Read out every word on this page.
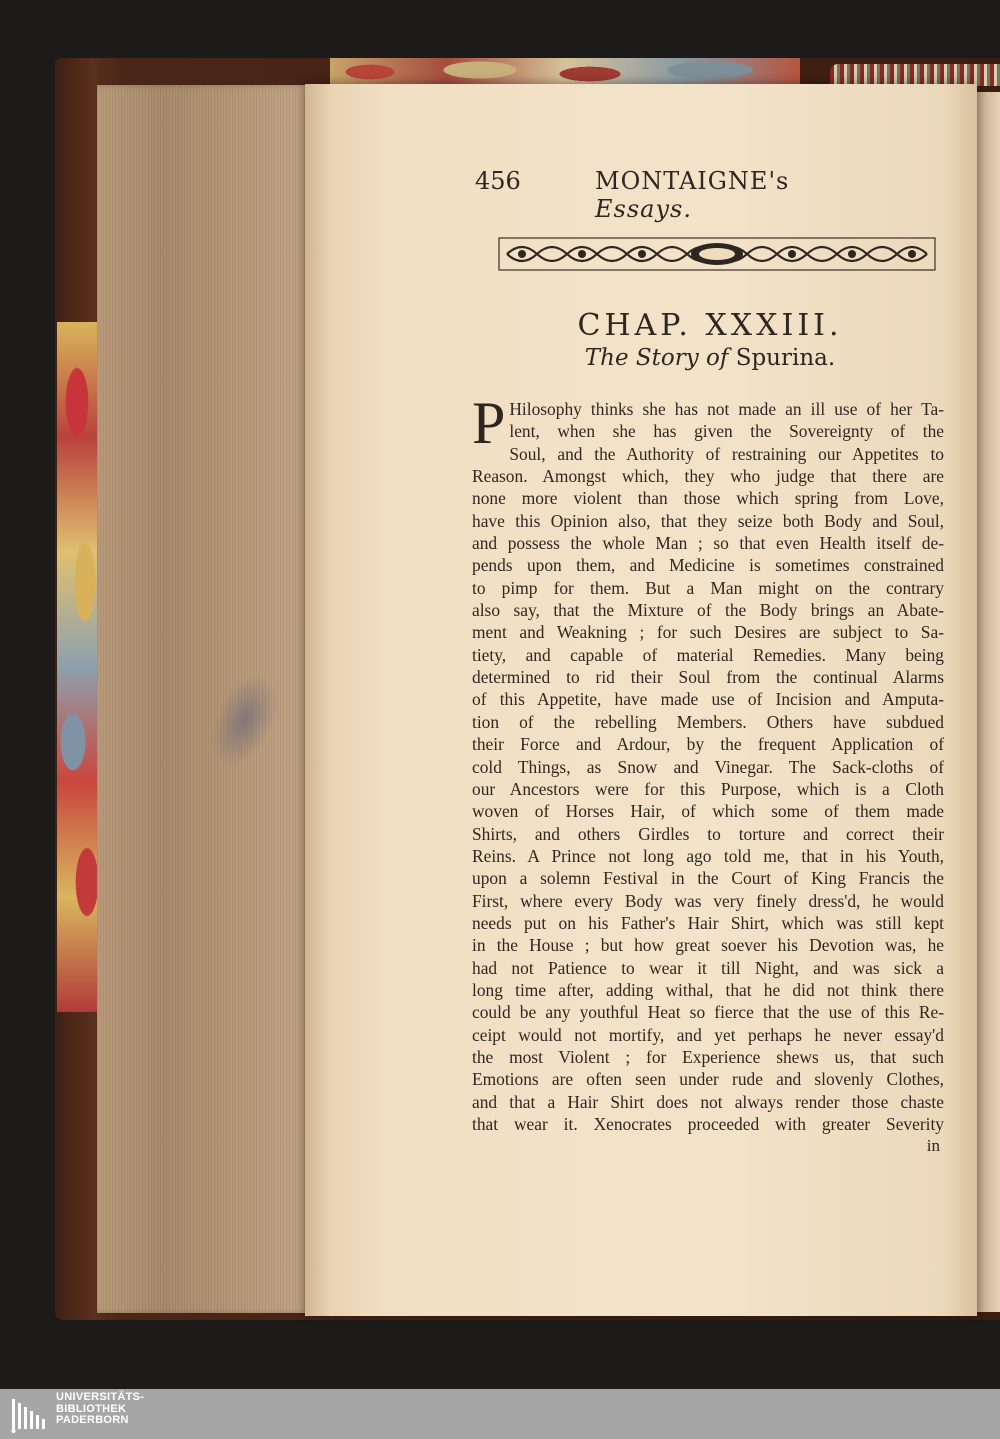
456	MONTAIGNE's Essays.
CHAP. XXXIII.
The Story of Spurina.
P Hilosophy thinks she has not made an ill use of her Ta-
lent, when she has given the Sovereignty of the
Soul, and the Authority of restraining our Appetites to
Reason. Amongst which, they who judge that there are
none more violent than those which spring from Love,
have this Opinion also, that they seize both Body and Soul,
and possess the whole Man ; so that even Health itself de-
pends upon them, and Medicine is sometimes constrained
to pimp for them. But a Man might on the contrary
also say, that the Mixture of the Body brings an Abate-
ment and Weakning ; for such Desires are subject to Sa-
tiety, and capable of material Remedies. Many being
determined to rid their Soul from the continual Alarms
of this Appetite, have made use of Incision and Amputa-
tion of the rebelling Members. Others have subdued
their Force and Ardour, by the frequent Application of
cold Things, as Snow and Vinegar. The Sack-cloths of
our Ancestors were for this Purpose, which is a Cloth
woven of Horses Hair, of which some of them made
Shirts, and others Girdles to torture and correct their
Reins. A Prince not long ago told me, that in his Youth,
upon a solemn Festival in the Court of King Francis the
First, where every Body was very finely dress'd, he would
needs put on his Father's Hair Shirt, which was still kept
in the House ; but how great soever his Devotion was, he
had not Patience to wear it till Night, and was sick a
long time after, adding withal, that he did not think there
could be any youthful Heat so fierce that the use of this Re-
ceipt would not mortify, and yet perhaps he never essay'd
the most Violent ; for Experience shews us, that such
Emotions are often seen under rude and slovenly Clothes,
and that a Hair Shirt does not always render those chaste
that wear it. Xenocrates proceeded with greater Severity
in
UNIVERSITÄTS-
BIBLIOTHEK
PADERBORN
